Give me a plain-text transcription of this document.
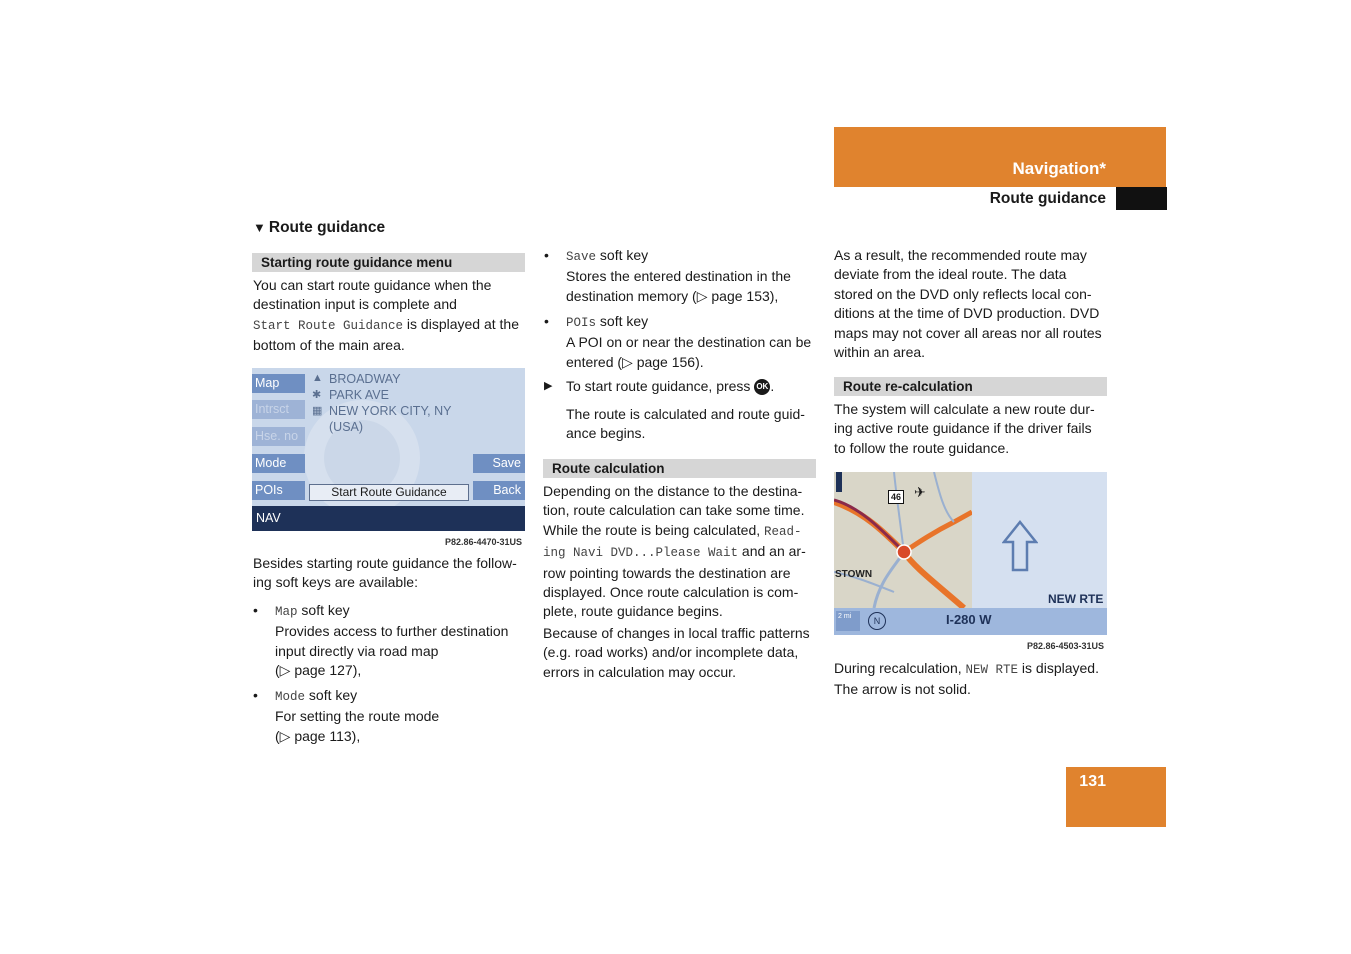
Navigation*
Route guidance
▼ Route guidance
Starting route guidance menu
You can start route guidance when the
destination input is complete and
Start Route Guidance is displayed at the
bottom of the main area.
Map
Intrsct
Hse. no
Mode
POIs
Save
Back
▲ BROADWAY
✱ PARK AVE
▦ NEW YORK CITY, NY
(USA)
Start Route Guidance
NAV
P82.86-4470-31US
Besides starting route guidance the follow-
ing soft keys are available:
• Map soft key
Provides access to further destination
input directly via road map
(▷ page 127),
• Mode soft key
For setting the route mode
(▷ page 113),
• Save soft key
Stores the entered destination in the
destination memory (▷ page 153),
• POIs soft key
A POI on or near the destination can be
entered (▷ page 156).
▶ To start route guidance, press OK .
The route is calculated and route guid-
ance begins.
Route calculation
Depending on the distance to the destina-
tion, route calculation can take some time.
While the route is being calculated, Read-
ing Navi DVD...Please Wait and an ar-
row pointing towards the destination are
displayed. Once route calculation is com-
plete, route guidance begins.
Because of changes in local traffic patterns
(e.g. road works) and/or incomplete data,
errors in calculation may occur.
As a result, the recommended route may
deviate from the ideal route. The data
stored on the DVD only reflects local con-
ditions at the time of DVD production. DVD
maps may not cover all areas nor all routes
within an area.
Route re-calculation
The system will calculate a new route dur-
ing active route guidance if the driver fails
to follow the route guidance.
46 ✈
STOWN
NEW RTE
2 mi	N	I-280 W
P82.86-4503-31US
During recalculation, NEW RTE is displayed.
The arrow is not solid.
131
